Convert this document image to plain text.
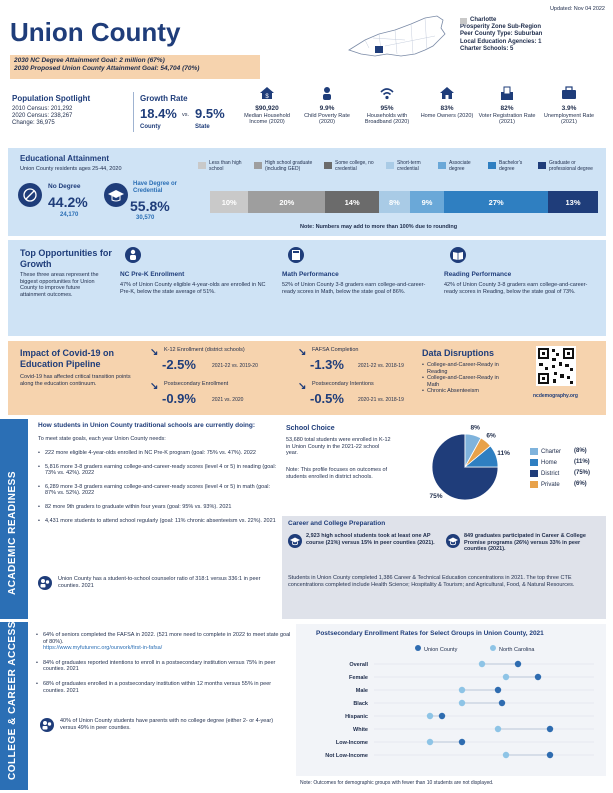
Updated: Nov 04 2022
Union County
2030 NC Degree Attainment Goal: 2 million (67%)
2030 Proposed Union County Attainment Goal: 54,704 (70%)
Charlotte
Prosperity Zone Sub-Region
Peer County Type: Suburban
Local Education Agencies: 1
Charter Schools: 5
Population Spotlight
2010 Census: 201,292
2020 Census: 238,267
Change: 36,975
Growth Rate
18.4% vs. 9.5%
County	State
$
$90,920
Median Household Income (2020)
9.9%
Child Poverty Rate (2020)
95%
Households with Broadband (2020)
83%
Home Owners (2020)
82%
Voter Registration Rate (2021)
3.9%
Unemployment Rate (2021)
Educational Attainment
Union County residents ages 25-44, 2020
No Degree
44.2%
24,170
Have Degree or Credential
55.8%
30,570
Less than high school
High school graduate (including GED)
Some college, no credential
Short-term credential
Associate degree
Bachelor's degree
Graduate or professional degree
10%	20%	14%	8%	9%	27%	13%
Note: Numbers may add to more than 100% due to rounding
Top Opportunities for Growth
These three areas represent the biggest opportunities for Union County to improve future attainment outcomes.
NC Pre-K Enrollment
47% of Union County eligible 4-year-olds are enrolled in NC Pre-K, below the state average of 51%.
Math Performance
52% of Union County 3-8 graders earn college-and-career-ready scores in Math, below the state goal of 86%.
Reading Performance
42% of Union County 3-8 graders earn college-and-career-ready scores in Reading, below the state goal of 73%.
Impact of Covid-19 on Education Pipeline
Covid-19 has affected critical transition points along the education continuum.
↘ K-12 Enrollment (district schools)
-2.5%	2021-22 vs. 2019-20
↘ FAFSA Completion
-1.3%	2021-22 vs. 2018-19
↘ Postsecondary Enrollment
-0.9%	2021 vs. 2020
↘ Postsecondary Intentions
-0.5%	2020-21 vs. 2018-19
Data Disruptions
• College-and-Career-Ready in Reading
• College-and-Career-Ready in Math
• Chronic Absenteeism
ncdemography.org
ACADEMIC READINESS
How students in Union County traditional schools are currently doing:
To meet state goals, each year Union County needs:
• 222 more eligible 4-year-olds enrolled in NC Pre-K program (goal: 75% vs. 47%). 2022
• 5,816 more 3-8 graders earning college-and-career-ready scores (level 4 or 5) in reading (goal: 73% vs. 42%). 2022
• 6,289 more 3-8 graders earning college-and-career-ready scores (level 4 or 5) in math (goal: 87% vs. 52%). 2022
• 82 more 9th graders to graduate within four years (goal: 95% vs. 93%). 2021
• 4,431 more students to attend school regularly (goal: 11% chronic absenteeism vs. 22%). 2021
Union County has a student-to-school counselor ratio of 318:1 versus 336:1 in peer counties. 2021
School Choice
53,680 total students were enrolled in K-12 in Union County in the 2021-22 school year.
Note: This profile focuses on outcomes of students enrolled in district schools.
75%
8%
6%
11%	Charter (8%)
Home	(11%)
District (75%)
Private (6%)
Career and College Preparation
2,923 high school students took at least one AP course (21%) versus 15% in peer counties (2021).
849 graduates participated in Career & College Promise programs (26%) versus 33% in peer counties (2021).
Students in Union County completed 1,386 Career & Technical Education concentrations in 2021. The top three CTE concentrations completed include Health Science; Hospitality & Tourism; and Agricultural, Food, & Natural Resources.
COLLEGE & CAREER ACCESS	• 64% of seniors completed the FAFSA in 2022. (521 more need to complete in 2022 to meet state goal of 80%).
https://www.myfuturenc.org/ourwork/first-in-fafsa/
• 84% of graduates reported intentions to enroll in a postsecondary institution versus 75% in peer counties. 2021
• 68% of graduates enrolled in a postsecondary institution within 12 months versus 55% in peer counties. 2021
40% of Union County students have parents with no college degree (either 2- or 4-year) versus 49% in peer counties.
Postsecondary Enrollment Rates for Select Groups in Union County, 2021
Union County	North Carolina
Overall
Female
Male
Black
Hispanic
White
Low-Income
Not Low-Income
Note: Outcomes for demographic groups with fewer than 10 students are not displayed.
